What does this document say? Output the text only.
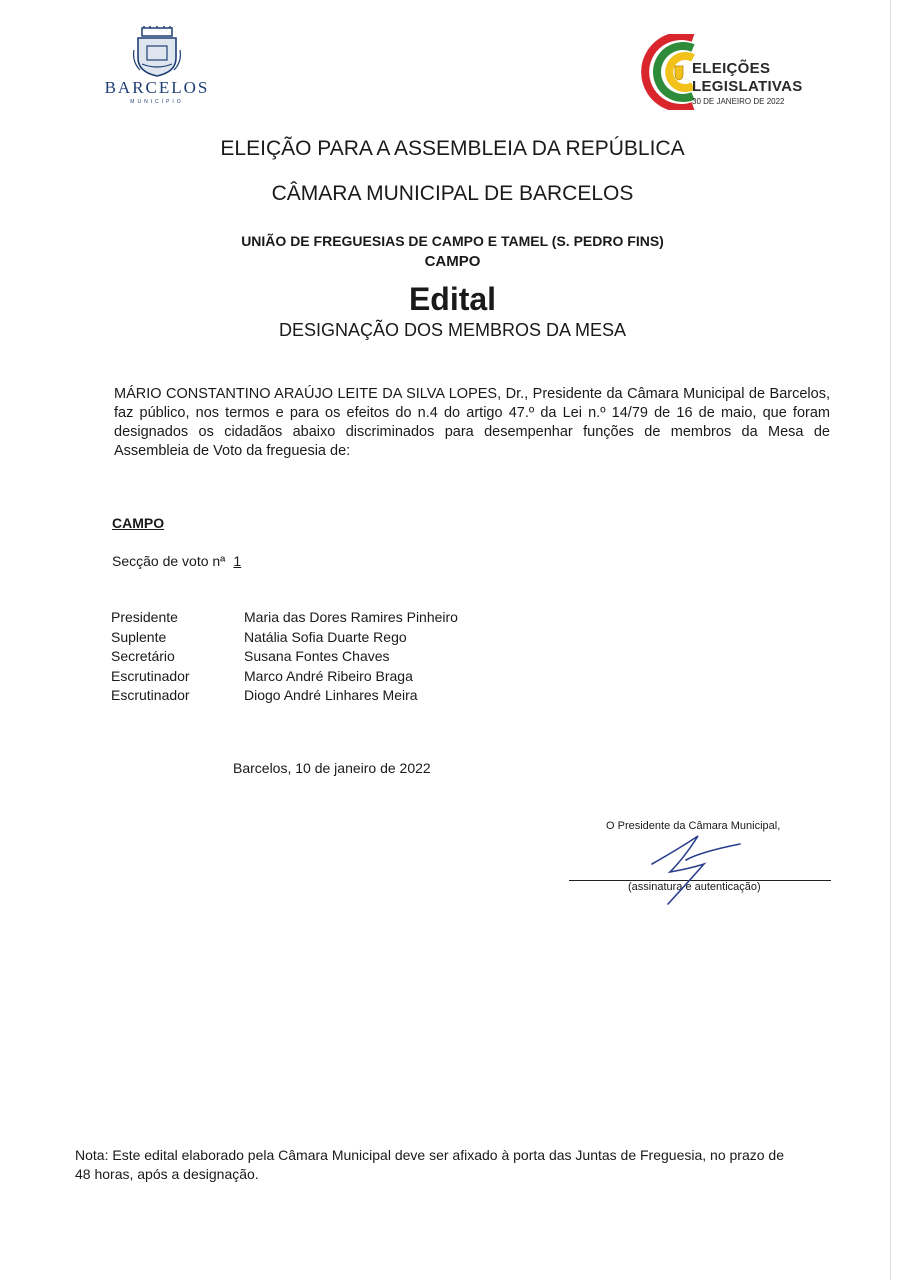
BARCELOS
MUNICÍPIO
ELEIÇÕES
LEGISLATIVAS
30 DE JANEIRO DE 2022
ELEIÇÃO PARA A ASSEMBLEIA DA REPÚBLICA
CÂMARA MUNICIPAL DE BARCELOS
UNIÃO DE FREGUESIAS DE CAMPO E TAMEL (S. PEDRO FINS)
CAMPO
Edital
DESIGNAÇÃO DOS MEMBROS DA MESA
MÁRIO CONSTANTINO ARAÚJO LEITE DA SILVA LOPES, Dr., Presidente da Câmara Municipal de Barcelos, faz público, nos termos e para os efeitos do n.4 do artigo 47.º da Lei n.º 14/79 de 16 de maio, que foram designados os cidadãos abaixo discriminados para desempenhar funções de membros da Mesa de Assembleia de Voto da freguesia de:
CAMPO
Secção de voto nª 1
Presidente	Maria das Dores Ramires Pinheiro
Suplente	Natália Sofia Duarte Rego
Secretário	Susana Fontes Chaves
Escrutinador	Marco André Ribeiro Braga
Escrutinador	Diogo André Linhares Meira
Barcelos, 10 de janeiro de 2022
O Presidente da Câmara Municipal,
(assinatura e autenticação)
Nota: Este edital elaborado pela Câmara Municipal deve ser afixado à porta das Juntas de Freguesia, no prazo de 48 horas, após a designação.
